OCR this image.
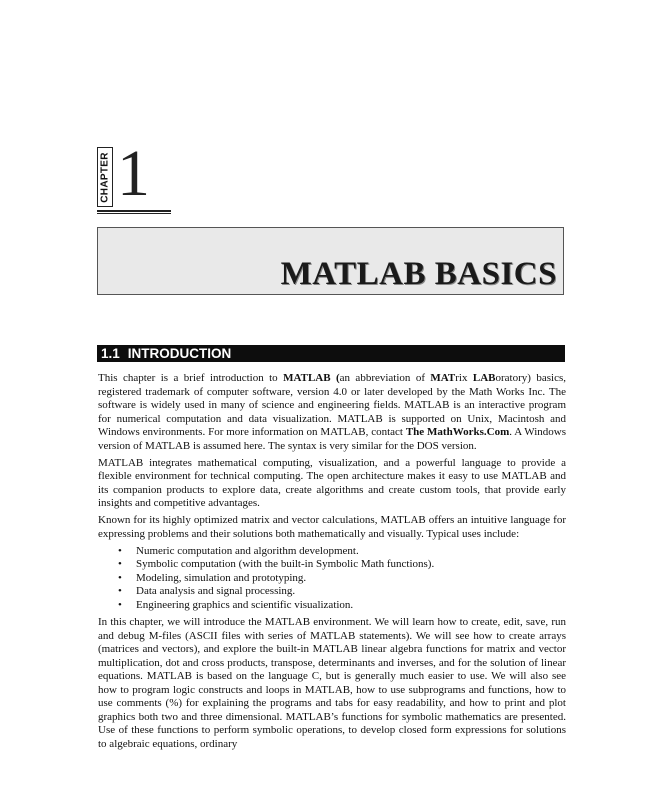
CHAPTER 1
MATLAB BASICS
1.1 INTRODUCTION

This chapter is a brief introduction to MATLAB (an abbreviation of MATrix LABoratory) basics, registered trademark of computer software, version 4.0 or later developed by the Math Works Inc. The software is widely used in many of science and engineering fields. MATLAB is an interactive program for numerical computation and data visualization. MATLAB is supported on Unix, Macintosh and Windows environments. For more information on MATLAB, contact The MathWorks.Com. A Windows version of MATLAB is assumed here. The syntax is very similar for the DOS version.

MATLAB integrates mathematical computing, visualization, and a powerful language to provide a flexible environment for technical computing. The open architecture makes it easy to use MATLAB and its companion products to explore data, create algorithms and create custom tools, that provide early insights and competitive advantages.

Known for its highly optimized matrix and vector calculations, MATLAB offers an intuitive language for expressing problems and their solutions both mathematically and visually. Typical uses include:

• Numeric computation and algorithm development.
• Symbolic computation (with the built-in Symbolic Math functions).
• Modeling, simulation and prototyping.
• Data analysis and signal processing.
• Engineering graphics and scientific visualization.

In this chapter, we will introduce the MATLAB environment. We will learn how to create, edit, save, run and debug M-files (ASCII files with series of MATLAB statements). We will see how to create arrays (matrices and vectors), and explore the built-in MATLAB linear algebra functions for matrix and vector multiplication, dot and cross products, transpose, determinants and inverses, and for the solution of linear equations. MATLAB is based on the language C, but is generally much easier to use. We will also see how to program logic constructs and loops in MATLAB, how to use subprograms and functions, how to use comments (%) for explaining the programs and tabs for easy readability, and how to print and plot graphics both two and three dimensional. MATLAB’s functions for symbolic mathematics are presented. Use of these functions to perform symbolic operations, to develop closed form expressions for solutions to algebraic equations, ordinary
